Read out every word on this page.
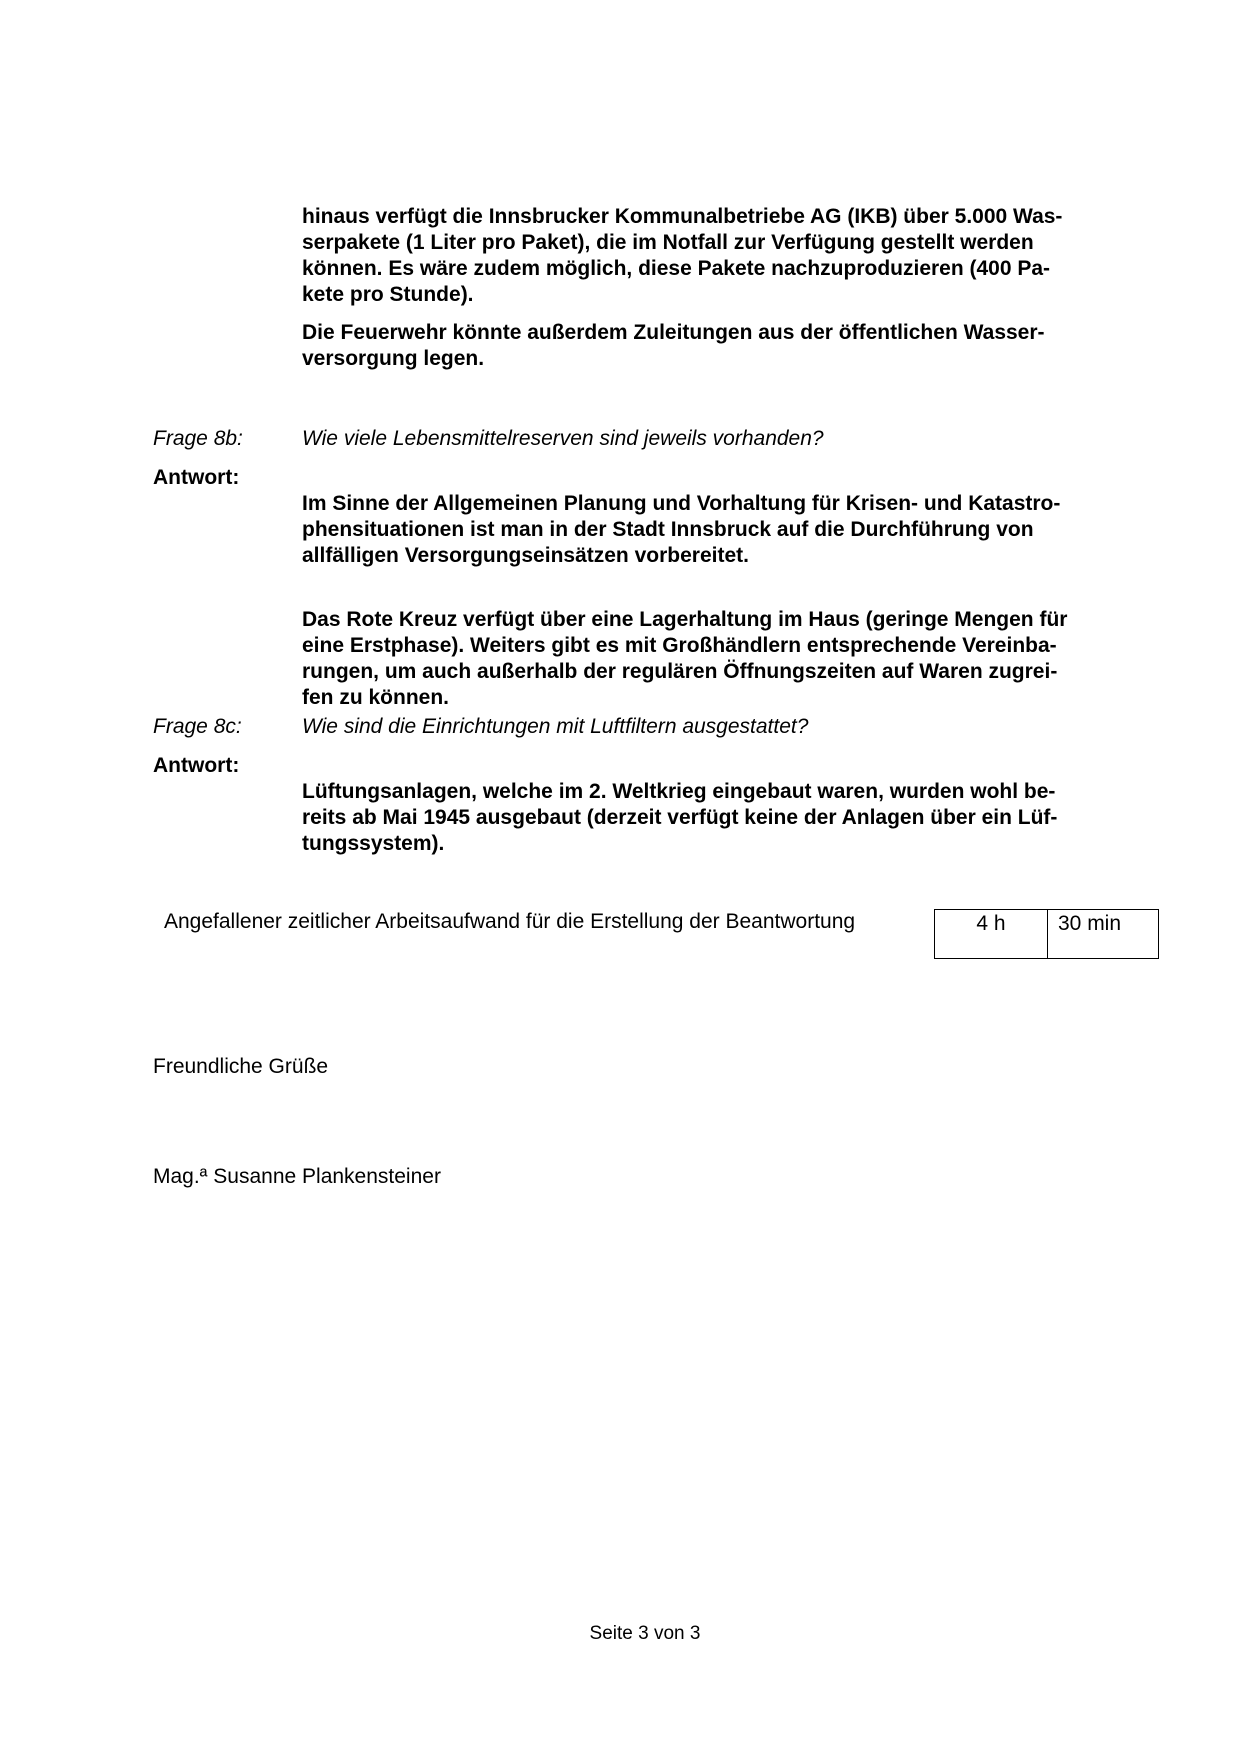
hinaus verfügt die Innsbrucker Kommunalbetriebe AG (IKB) über 5.000 Was-
serpakete (1 Liter pro Paket), die im Notfall zur Verfügung gestellt werden
können. Es wäre zudem möglich, diese Pakete nachzuproduzieren (400 Pa-
kete pro Stunde).

Die Feuerwehr könnte außerdem Zuleitungen aus der öffentlichen Wasser-
versorgung legen.

Frage 8b:	Wie viele Lebensmittelreserven sind jeweils vorhanden?
Antwort:

Im Sinne der Allgemeinen Planung und Vorhaltung für Krisen- und Katastro-
phensituationen ist man in der Stadt Innsbruck auf die Durchführung von
allfälligen Versorgungseinsätzen vorbereitet.

Das Rote Kreuz verfügt über eine Lagerhaltung im Haus (geringe Mengen für
eine Erstphase). Weiters gibt es mit Großhändlern entsprechende Vereinba-
rungen, um auch außerhalb der regulären Öffnungszeiten auf Waren zugrei-
fen zu können.

Frage 8c:	Wie sind die Einrichtungen mit Luftfiltern ausgestattet?
Antwort:

Lüftungsanlagen, welche im 2. Weltkrieg eingebaut waren, wurden wohl be-
reits ab Mai 1945 ausgebaut (derzeit verfügt keine der Anlagen über ein Lüf-
tungssystem).

Angefallener zeitlicher Arbeitsaufwand für die Erstellung der Beantwortung	4 h	30 min
Freundliche Grüße
Mag.ª Susanne Plankensteiner
Seite 3 von 3
